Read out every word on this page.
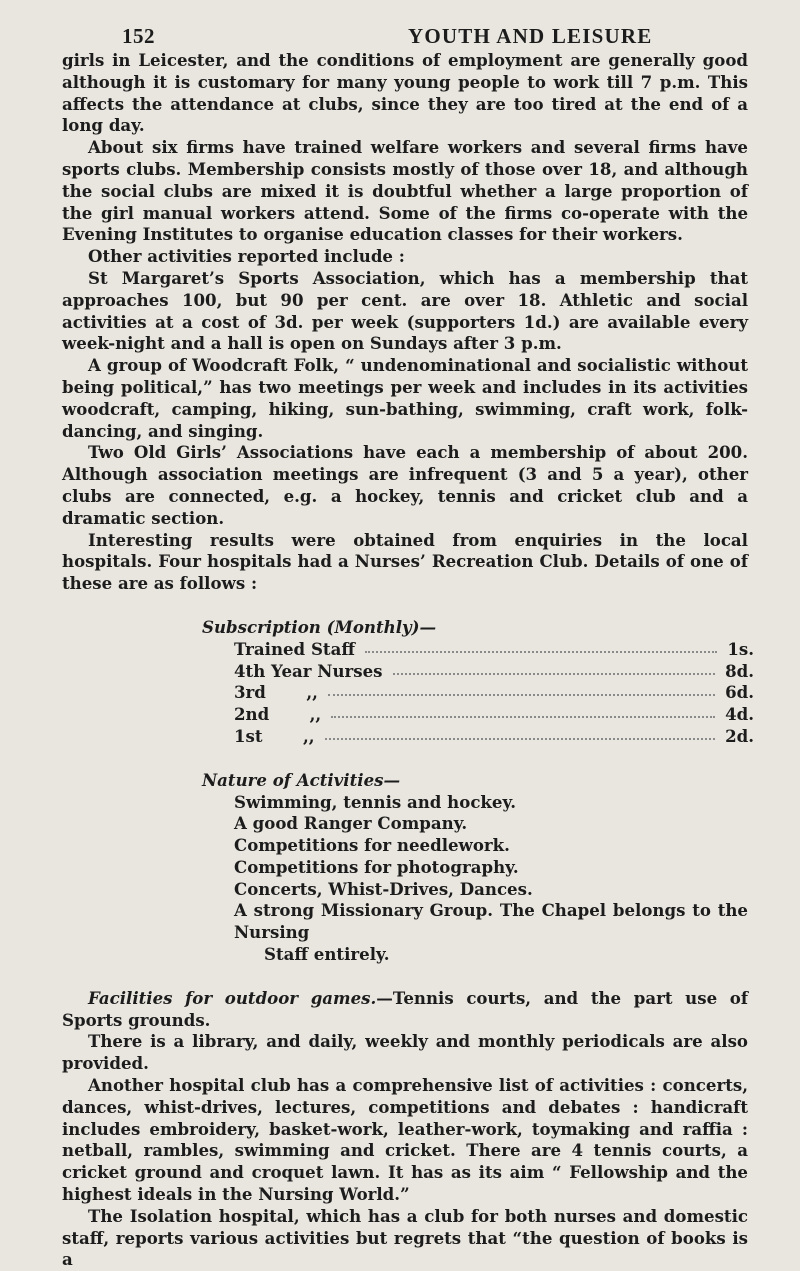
152	YOUTH AND LEISURE

girls in Leicester, and the conditions of employment are generally good although it is customary for many young people to work till 7 p.m. This affects the attendance at clubs, since they are too tired at the end of a long day.

About six firms have trained welfare workers and several firms have sports clubs. Membership consists mostly of those over 18, and although the social clubs are mixed it is doubtful whether a large proportion of the girl manual workers attend. Some of the firms co-operate with the Evening Institutes to organise education classes for their workers.

Other activities reported include :

St Margaret’s Sports Association, which has a membership that approaches 100, but 90 per cent. are over 18. Athletic and social activities at a cost of 3d. per week (supporters 1d.) are available every week-night and a hall is open on Sundays after 3 p.m.

A group of Woodcraft Folk, “ undenominational and socialistic without being political,” has two meetings per week and includes in its activities woodcraft, camping, hiking, sun-bathing, swimming, craft work, folk-dancing, and singing.

Two Old Girls’ Associations have each a membership of about 200. Although association meetings are infrequent (3 and 5 a year), other clubs are connected, e.g. a hockey, tennis and cricket club and a dramatic section.

Interesting results were obtained from enquiries in the local hospitals. Four hospitals had a Nurses’ Recreation Club. Details of one of these are as follows :

Subscription (Monthly)—
Trained Staff	1s.
4th Year Nurses	8d.
3rd       ,,	6d.
2nd       ,,	4d.
1st       ,,	2d.
Nature of Activities—
Swimming, tennis and hockey.
A good Ranger Company.
Competitions for needlework.
Competitions for photography.
Concerts, Whist-Drives, Dances.
A strong Missionary Group. The Chapel belongs to the Nursing
Staff entirely.

Facilities for outdoor games.—Tennis courts, and the part use of Sports grounds.

There is a library, and daily, weekly and monthly periodicals are also provided.

Another hospital club has a comprehensive list of activities : concerts, dances, whist-drives, lectures, competitions and debates : handicraft includes embroidery, basket-work, leather-work, toymaking and raffia : netball, rambles, swimming and cricket. There are 4 tennis courts, a cricket ground and croquet lawn. It has as its aim “ Fellowship and the highest ideals in the Nursing World.”

The Isolation hospital, which has a club for both nurses and domestic staff, reports various activities but regrets that “the question of books is a
